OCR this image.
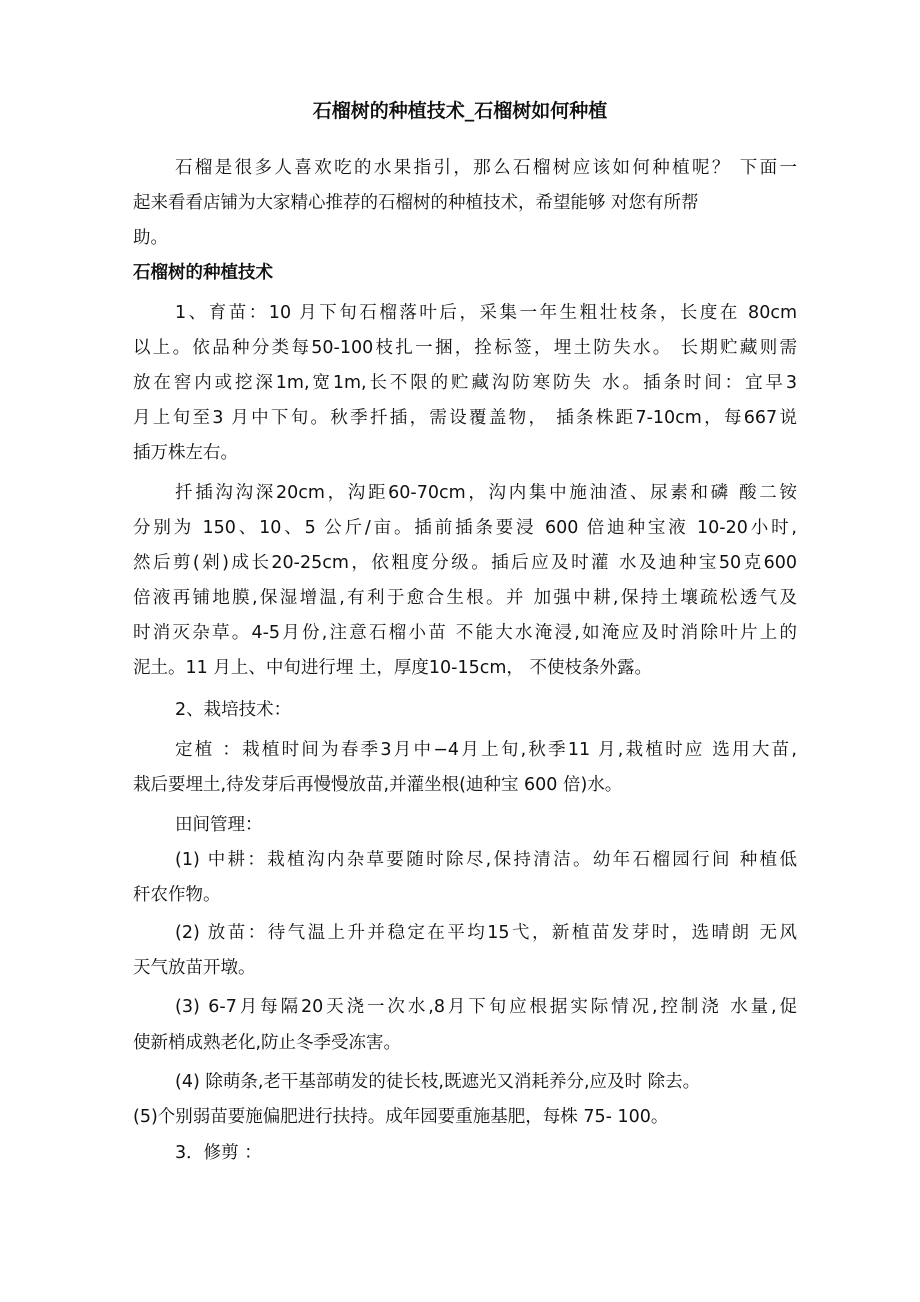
石榴树的种植技术_石榴树如何种植
石榴是很多人喜欢吃的水果指引，那么石榴树应该如何种植呢？ 下面一
起来看看店铺为大家精心推荐的石榴树的种植技术，希望能够 对您有所帮
助。
石榴树的种植技术
1、育苗：10 月下旬石榴落叶后，采集一年生粗壮枝条，长度在 80cm
以上。依品种分类每50-100枝扎一捆，拴标签，埋土防失水。 长期贮藏则需
放在窖内或挖深1m,宽1m,长不限的贮藏沟防寒防失 水。插条时间：宜早3
月上旬至3 月中下旬。秋季扦插，需设覆盖物， 插条株距7-10cm，每667说
插万株左右。
扦插沟沟深20cm，沟距60-70cm，沟内集中施油渣、尿素和磷 酸二铵
分别为 150、10、5 公斤/亩。插前插条要浸 600 倍迪种宝液 10-20小时,
然后剪(剁)成长20-25cm，依粗度分级。插后应及时灌 水及迪种宝50克600
倍液再铺地膜,保湿增温,有利于愈合生根。并 加强中耕,保持土壤疏松透气及
时消灭杂草。4-5月份,注意石榴小苗 不能大水淹浸,如淹应及时消除叶片上的
泥土。11 月上、中旬进行埋 土，厚度10-15cm， 不使枝条外露。
2、栽培技术：
定植 ：栽植时间为春季3月中−4月上旬,秋季11 月,栽植时应 选用大苗,
栽后要埋土,待发芽后再慢慢放苗,并灌坐根(迪种宝 600 倍)水。
田间管理：
(1) 中耕：栽植沟内杂草要随时除尽,保持清洁。幼年石榴园行间 种植低
秆农作物。
(2) 放苗：待气温上升并稳定在平均15弋，新植苗发芽时，选晴朗 无风
天气放苗开墩。
(3) 6-7月每隔20天浇一次水,8月下旬应根据实际情况,控制浇 水量,促
使新梢成熟老化,防止冬季受冻害。
(4) 除萌条,老干基部萌发的徒长枝,既遮光又消耗养分,应及时 除去。
(5)个别弱苗要施偏肥进行扶持。成年园要重施基肥，每株 75- 100。
3．修剪 ：
